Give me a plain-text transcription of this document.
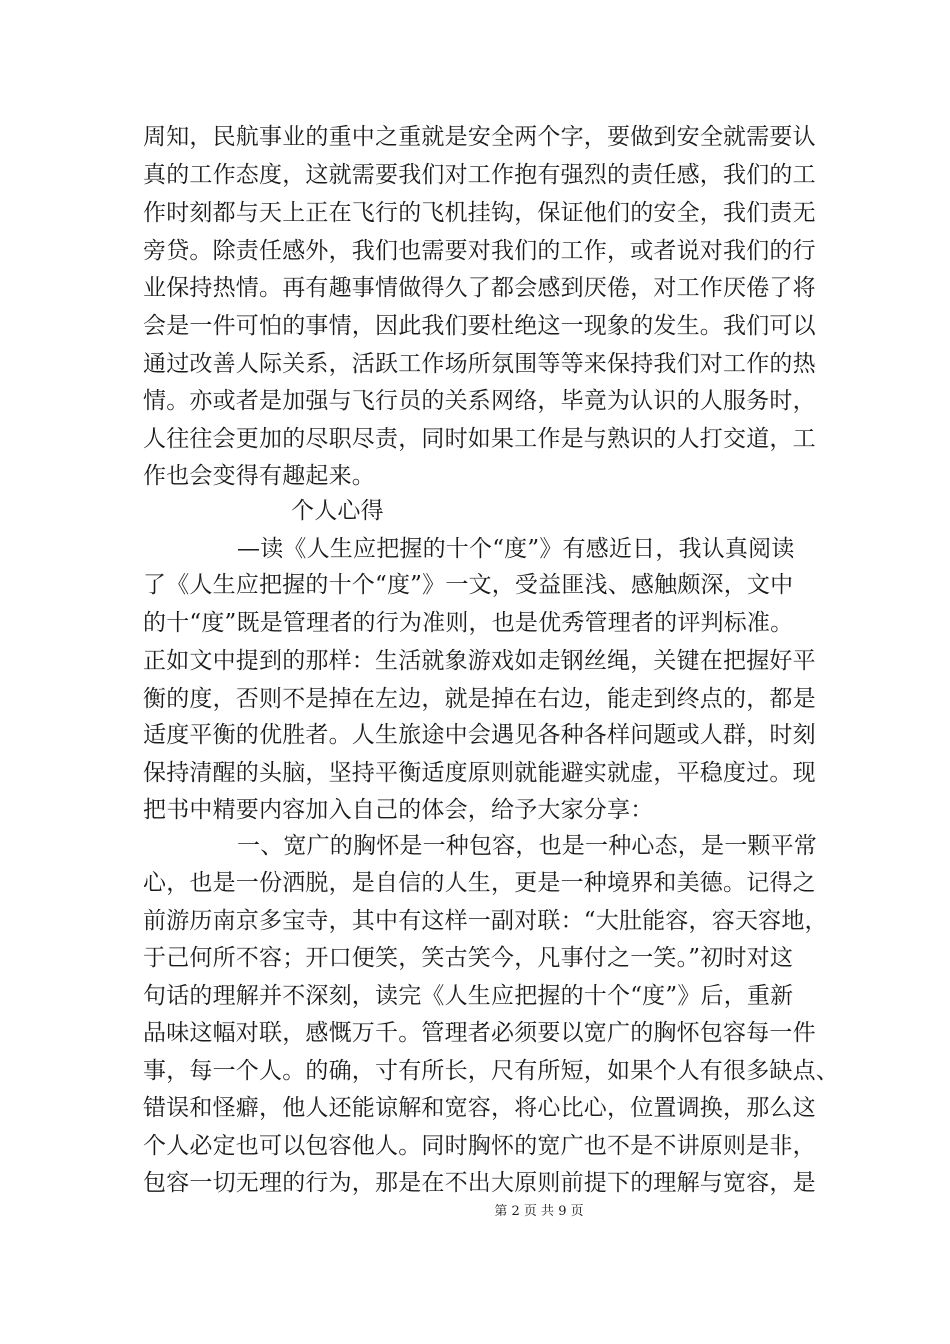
周知，民航事业的重中之重就是安全两个字，要做到安全就需要认
真的工作态度，这就需要我们对工作抱有强烈的责任感，我们的工
作时刻都与天上正在飞行的飞机挂钩，保证他们的安全，我们责无
旁贷。除责任感外，我们也需要对我们的工作，或者说对我们的行
业保持热情。再有趣事情做得久了都会感到厌倦，对工作厌倦了将
会是一件可怕的事情，因此我们要杜绝这一现象的发生。我们可以
通过改善人际关系，活跃工作场所氛围等等来保持我们对工作的热
情。亦或者是加强与飞行员的关系网络，毕竟为认识的人服务时，
人往往会更加的尽职尽责，同时如果工作是与熟识的人打交道，工
作也会变得有趣起来。
个人心得
—读《人生应把握的十个“度”》有感近日，我认真阅读
了《人生应把握的十个“度”》一文，受益匪浅、感触颇深，文中
的十“度”既是管理者的行为准则，也是优秀管理者的评判标准。
正如文中提到的那样：生活就象游戏如走钢丝绳，关键在把握好平
衡的度，否则不是掉在左边，就是掉在右边，能走到终点的，都是
适度平衡的优胜者。人生旅途中会遇见各种各样问题或人群，时刻
保持清醒的头脑，坚持平衡适度原则就能避实就虚，平稳度过。现
把书中精要内容加入自己的体会，给予大家分享：
一、宽广的胸怀是一种包容，也是一种心态，是一颗平常
心，也是一份洒脱，是自信的人生，更是一种境界和美德。记得之
前游历南京多宝寺，其中有这样一副对联：“大肚能容，容天容地，
于己何所不容；开口便笑，笑古笑今，凡事付之一笑。”初时对这
句话的理解并不深刻，读完《人生应把握的十个“度”》后，重新
品味这幅对联，感慨万千。管理者必须要以宽广的胸怀包容每一件
事，每一个人。的确，寸有所长，尺有所短，如果个人有很多缺点、
错误和怪癖，他人还能谅解和宽容，将心比心，位置调换，那么这
个人必定也可以包容他人。同时胸怀的宽广也不是不讲原则是非，
包容一切无理的行为，那是在不出大原则前提下的理解与宽容，是
第 2 页 共 9 页
